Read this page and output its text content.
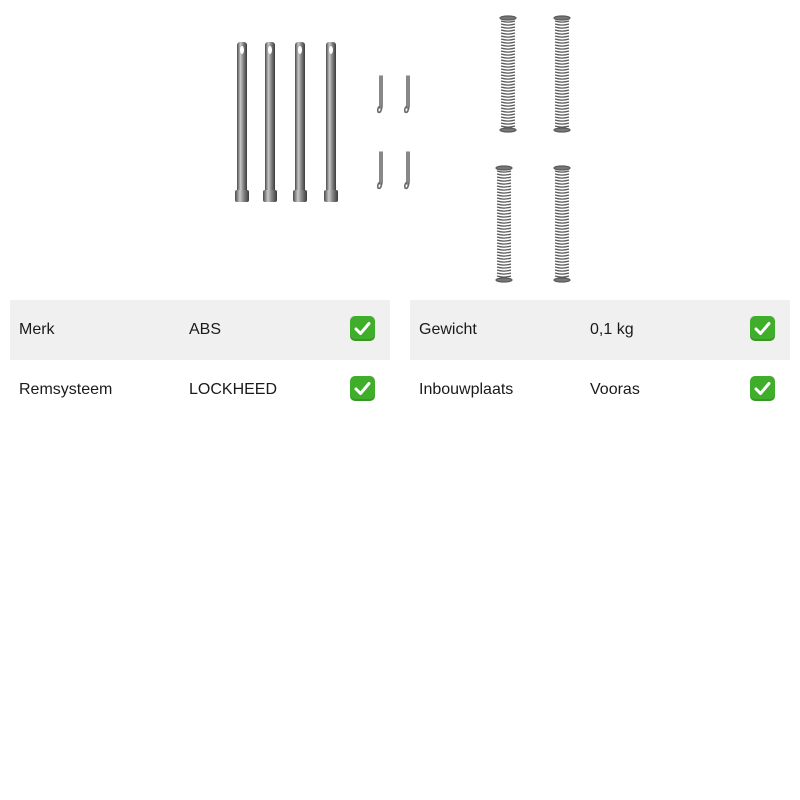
Merk	ABS
Remsysteem	LOCKHEED
Gewicht	0,1 kg
Inbouwplaats	Vooras
